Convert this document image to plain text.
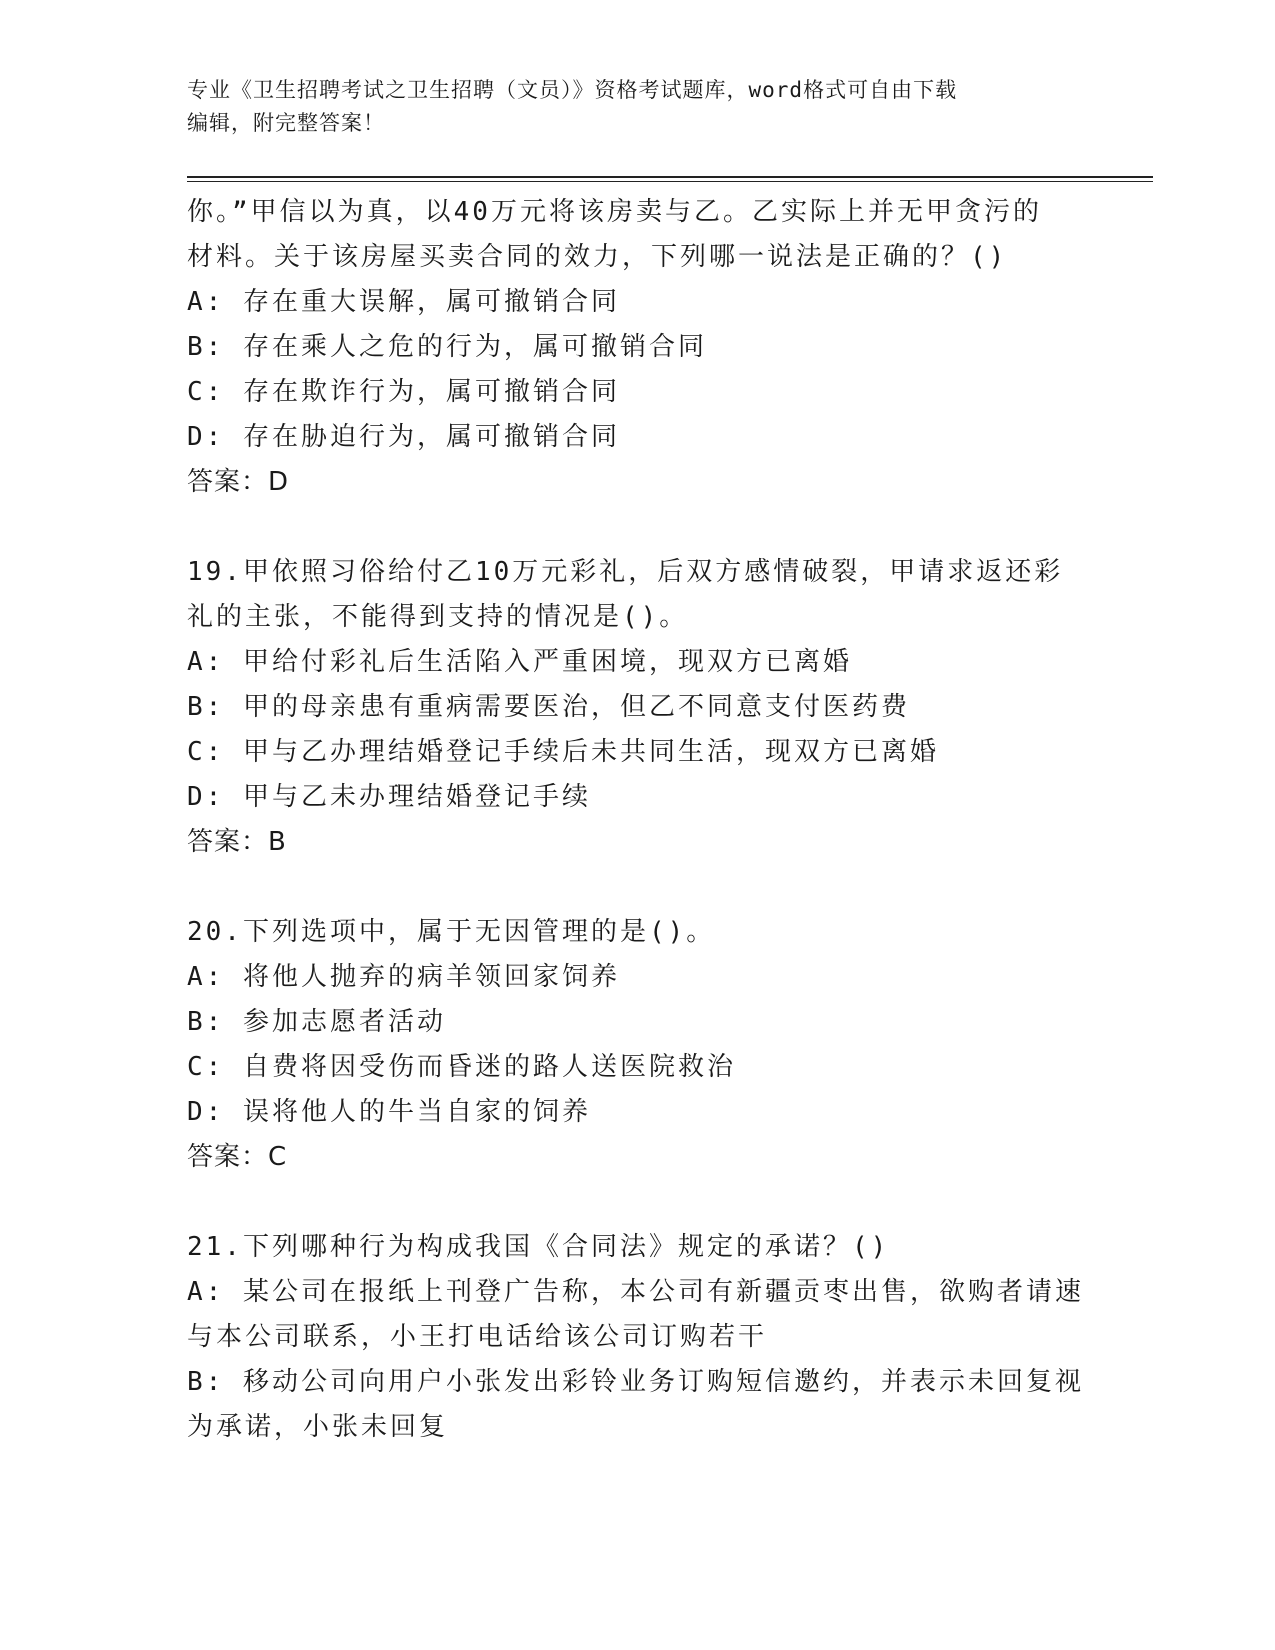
专业《卫生招聘考试之卫生招聘（文员）》资格考试题库，word格式可自由下载
编辑，附完整答案！
你。”甲信以为真，以40万元将该房卖与乙。乙实际上并无甲贪污的
材料。关于该房屋买卖合同的效力，下列哪一说法是正确的？()
A: 存在重大误解，属可撤销合同
B: 存在乘人之危的行为，属可撤销合同
C: 存在欺诈行为，属可撤销合同
D: 存在胁迫行为，属可撤销合同
答案：D
19.甲依照习俗给付乙10万元彩礼，后双方感情破裂，甲请求返还彩
礼的主张，不能得到支持的情况是()。
A: 甲给付彩礼后生活陷入严重困境，现双方已离婚
B: 甲的母亲患有重病需要医治，但乙不同意支付医药费
C: 甲与乙办理结婚登记手续后未共同生活，现双方已离婚
D: 甲与乙未办理结婚登记手续
答案：B
20.下列选项中，属于无因管理的是()。
A: 将他人抛弃的病羊领回家饲养
B: 参加志愿者活动
C: 自费将因受伤而昏迷的路人送医院救治
D: 误将他人的牛当自家的饲养
答案：C
21.下列哪种行为构成我国《合同法》规定的承诺？()
A: 某公司在报纸上刊登广告称，本公司有新疆贡枣出售，欲购者请速
与本公司联系，小王打电话给该公司订购若干
B: 移动公司向用户小张发出彩铃业务订购短信邀约，并表示未回复视
为承诺，小张未回复
